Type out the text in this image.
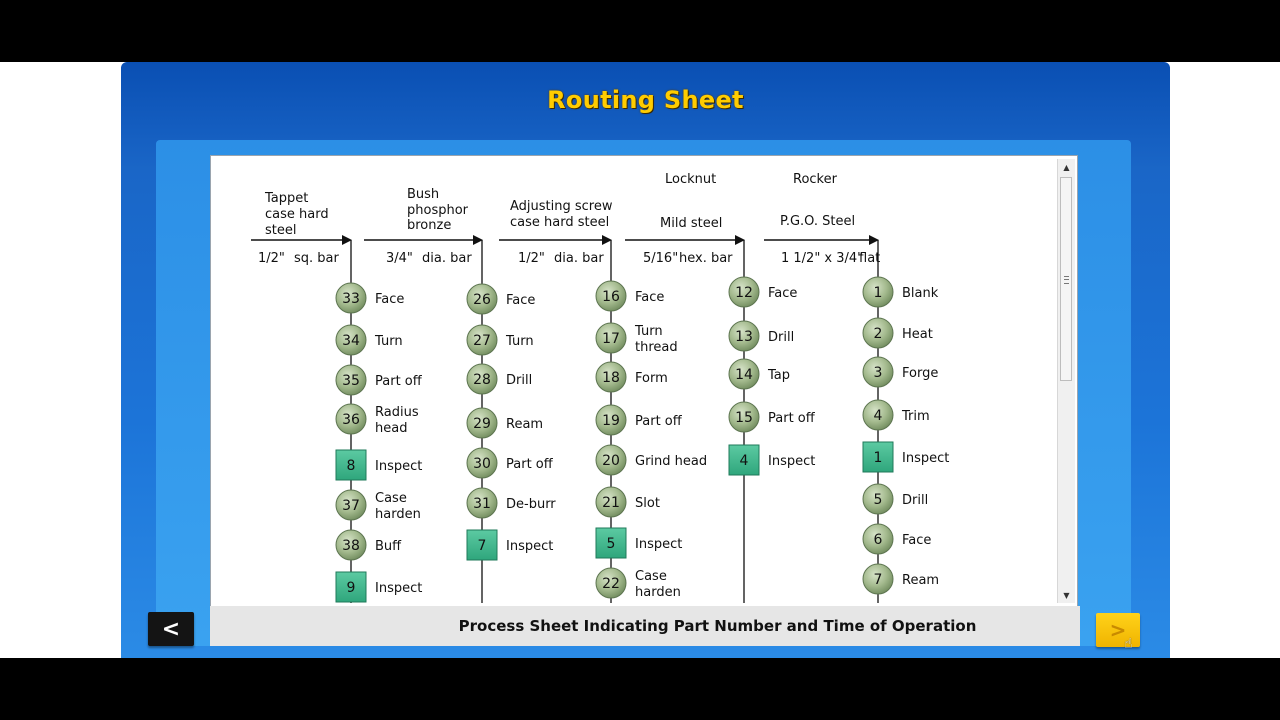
Routing Sheet
Tappet
case hard
steel
Bush
phosphor
bronze
Adjusting screw
case hard steel
Locknut
Mild steel
Rocker
P.G.O. Steel
1/2" sq. bar	3/4" dia. bar	1/2" dia. bar	5/16" hex. bar	1 1/2" x 3/4"
flat
33 Face
34 Turn
35 Part off
36 Radius
head
8 Inspect
37 Case
harden
38 Buff
9 Inspect
26 Face
27 Turn
28 Drill
29 Ream
30 Part off
31 De-burr
7 Inspect
16 Face
17 Turn
thread
18 Form
19 Part off
20 Grind head
21 Slot
5 Inspect
22 Case
harden
12 Face
13 Drill
14 Tap
15 Part off
4 Inspect
1 Blank
2 Heat
3 Forge
4 Trim
1 Inspect
5 Drill
6 Face
7 Ream
▲
▼
Process Sheet Indicating Part Number and Time of Operation
<	>
☝
